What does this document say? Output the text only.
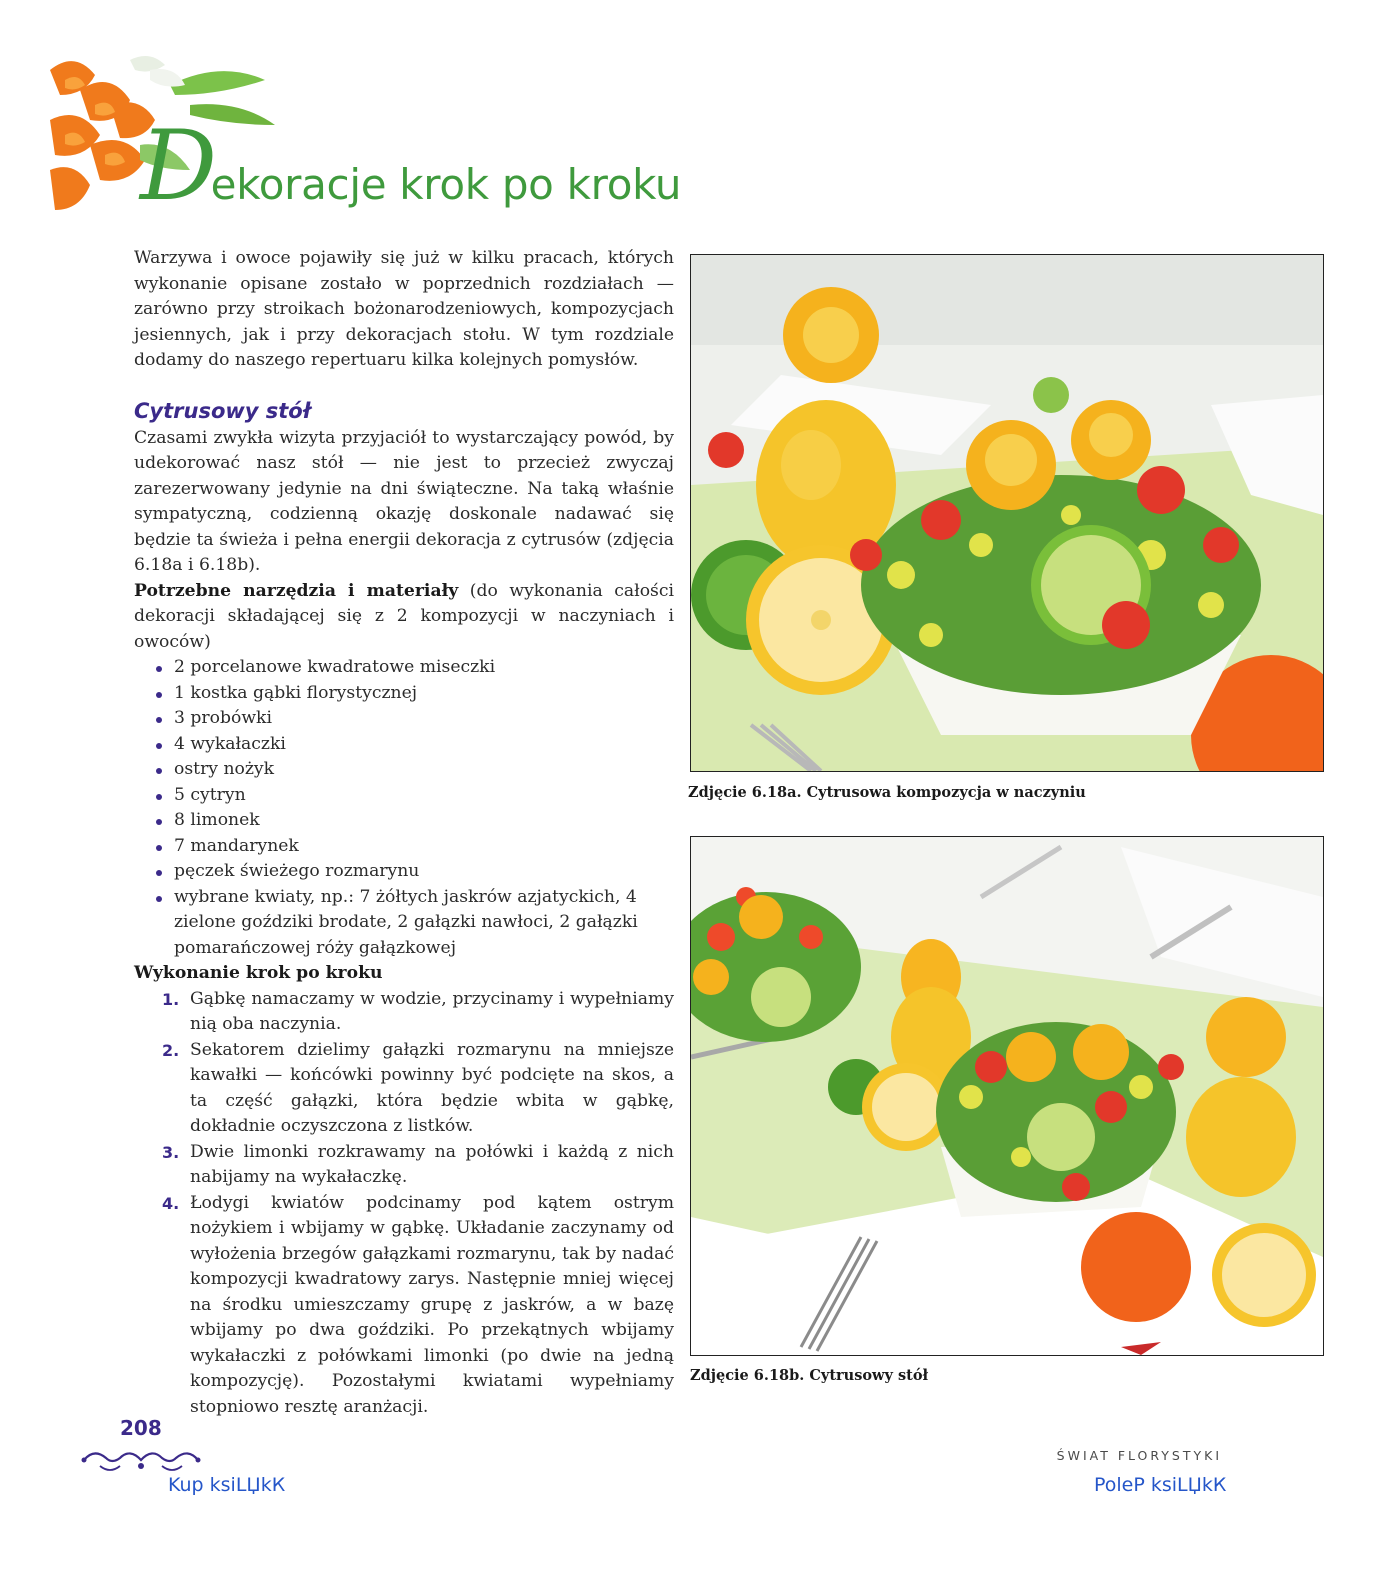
Dekoracje krok po kroku

Warzywa i owoce pojawiły się już w kilku pracach, których wykonanie opisane zostało w poprzednich rozdziałach — zarówno przy stroikach bożonarodzeniowych, kompozycjach jesiennych, jak i przy dekoracjach stołu. W tym rozdziale dodamy do naszego repertuaru kilka kolejnych pomysłów.

Cytrusowy stół

Czasami zwykła wizyta przyjaciół to wystarczający powód, by udekorować nasz stół — nie jest to przecież zwyczaj zarezerwowany jedynie na dni świąteczne. Na taką właśnie sympatyczną, codzienną okazję doskonale nadawać się będzie ta świeża i pełna energii dekoracja z cytrusów (zdjęcia 6.18a i 6.18b).

Potrzebne narzędzia i materiały (do wykonania całości dekoracji składającej się z 2 kompozycji w naczyniach i owoców)

2 porcelanowe kwadratowe miseczki
1 kostka gąbki florystycznej
3 probówki
4 wykałaczki
ostry nożyk
5 cytryn
8 limonek
7 mandarynek
pęczek świeżego rozmarynu
wybrane kwiaty, np.: 7 żółtych jaskrów azjatyckich, 4 zielone goździki brodate, 2 gałązki nawłoci, 2 gałązki pomarańczowej róży gałązkowej

Wykonanie krok po kroku

1. Gąbkę namaczamy w wodzie, przycinamy i wypełniamy nią oba naczynia.
2. Sekatorem dzielimy gałązki rozmarynu na mniejsze kawałki — końcówki powinny być podcięte na skos, a ta część gałązki, która będzie wbita w gąbkę, dokładnie oczyszczona z listków.
3. Dwie limonki rozkrawamy na połówki i każdą z nich nabijamy na wykałaczkę.
4. Łodygi kwiatów podcinamy pod kątem ostrym nożykiem i wbijamy w gąbkę. Układanie zaczynamy od wyłożenia brzegów gałązkami rozmarynu, tak by nadać kompozycji kwadratowy zarys. Następnie mniej więcej na środku umieszczamy grupę z jaskrów, a w bazę wbijamy po dwa goździki. Po przekątnych wbijamy wykałaczki z połówkami limonki (po dwie na jedną kompozycję). Pozostałymi kwiatami wypełniamy stopniowo resztę aranżacji.

Zdjęcie 6.18a. Cytrusowa kompozycja w naczyniu

Zdjęcie 6.18b. Cytrusowy stół

208
Kup ksiLЏkК
ŚWIAT FLORYSTYKI
PoleР ksiLЏkК
